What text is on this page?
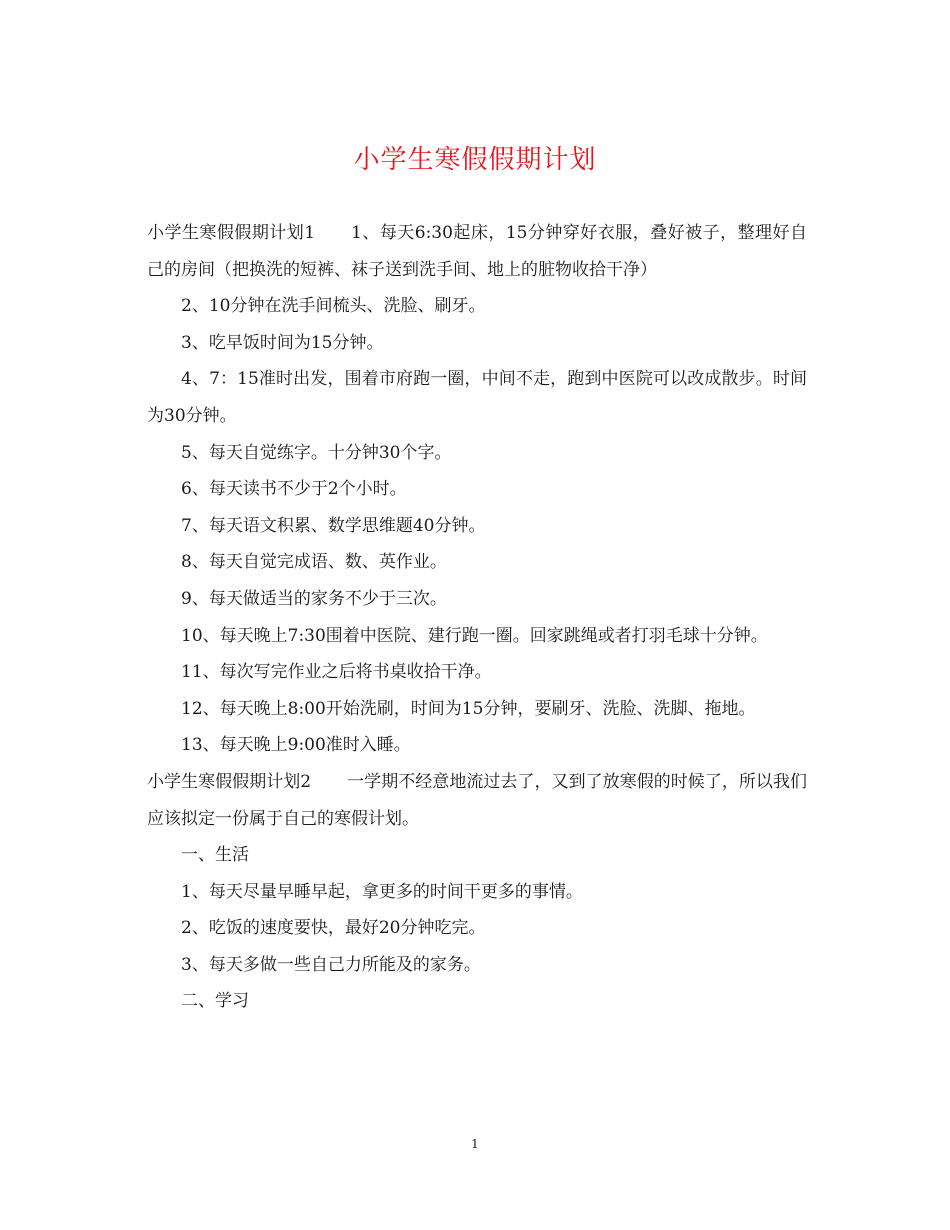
小学生寒假假期计划

小学生寒假假期计划1 1、每天6:30起床，15分钟穿好衣服，叠好被子，整理好自己的房间（把换洗的短裤、袜子送到洗手间、地上的脏物收拾干净）

2、10分钟在洗手间梳头、洗脸、刷牙。

3、吃早饭时间为15分钟。

4、7：15准时出发，围着市府跑一圈，中间不走，跑到中医院可以改成散步。时间为30分钟。

5、每天自觉练字。十分钟30个字。

6、每天读书不少于2个小时。

7、每天语文积累、数学思维题40分钟。

8、每天自觉完成语、数、英作业。

9、每天做适当的家务不少于三次。

10、每天晚上7:30围着中医院、建行跑一圈。回家跳绳或者打羽毛球十分钟。

11、每次写完作业之后将书桌收拾干净。

12、每天晚上8:00开始洗刷，时间为15分钟，要刷牙、洗脸、洗脚、拖地。

13、每天晚上9:00准时入睡。

小学生寒假假期计划2 一学期不经意地流过去了，又到了放寒假的时候了，所以我们应该拟定一份属于自己的寒假计划。

一、生活

1、每天尽量早睡早起，拿更多的时间干更多的事情。

2、吃饭的速度要快，最好20分钟吃完。

3、每天多做一些自己力所能及的家务。

二、学习

1
